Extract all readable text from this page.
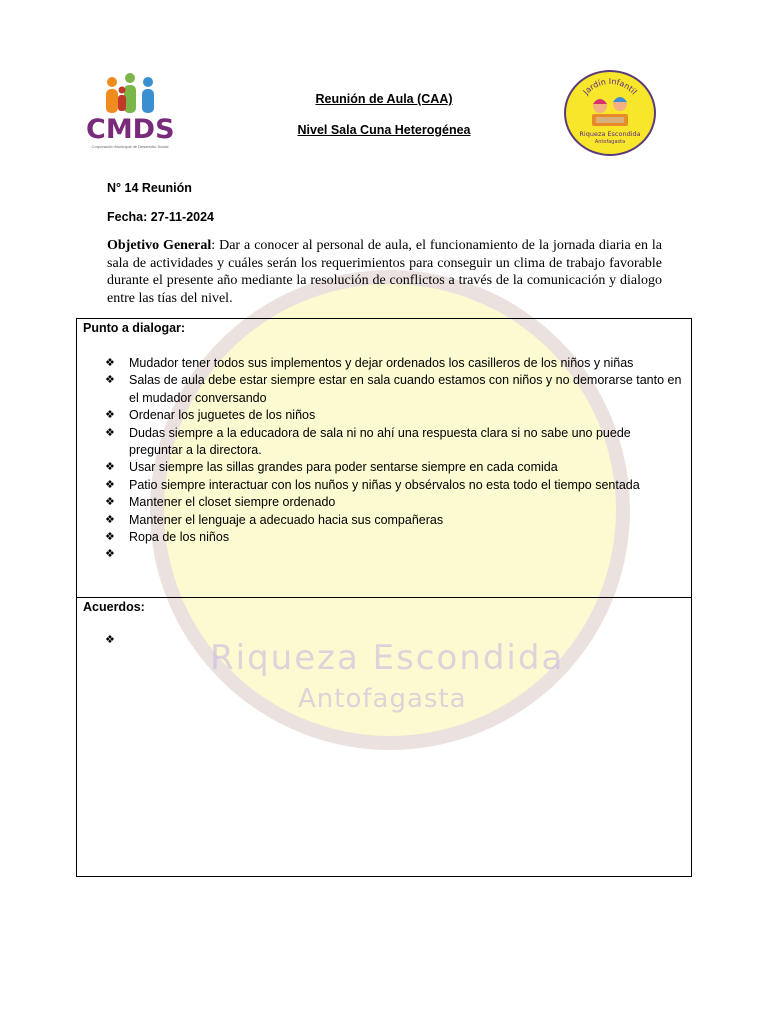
Riqueza Escondida
Antofagasta
CMDS
Corporación Municipal de Desarrollo Social
Jardín Infantil
Riqueza Escondida
Antofagasta
Reunión de Aula (CAA)
Nivel Sala Cuna Heterogénea
N° 14 Reunión
Fecha: 27-11-2024
Objetivo General: Dar a conocer al personal de aula, el funcionamiento de la jornada diaria en la sala de actividades y cuáles serán los requerimientos para conseguir un clima de trabajo favorable durante el presente año mediante la resolución de conflictos a través de la comunicación y dialogo entre las tías del nivel.
Punto a dialogar:
❖	Mudador tener todos sus implementos y dejar ordenados los casilleros de los niños y niñas
❖	Salas de aula debe estar siempre estar en sala cuando estamos con niños y no demorarse tanto en el mudador conversando
❖	Ordenar los juguetes de los niños
❖	Dudas siempre a la educadora de sala ni no ahí una respuesta clara si no sabe uno puede preguntar a la directora.
❖	Usar siempre las sillas grandes para poder sentarse siempre en cada comida
❖	Patio siempre interactuar con los nuños y niñas y obsérvalos no esta todo el tiempo sentada
❖	Mantener el closet siempre ordenado
❖	Mantener el lenguaje a adecuado hacia sus compañeras
❖	Ropa de los niños
❖
Acuerdos:
❖
